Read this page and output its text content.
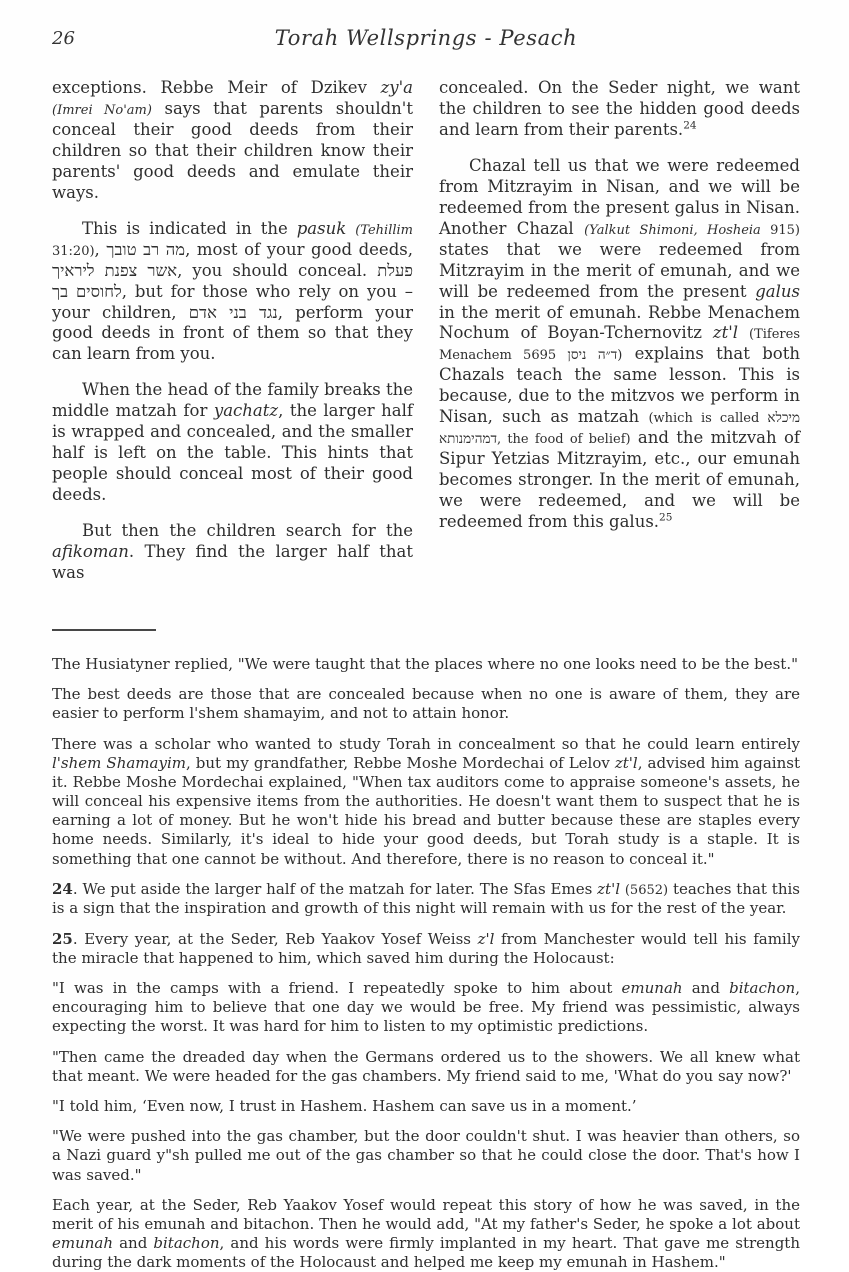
26	Torah Wellsprings - Pesach

exceptions. Rebbe Meir of Dzikev zy'a (Imrei No'am) says that parents shouldn't conceal their good deeds from their children so that their children know their parents' good deeds and emulate their ways.

This is indicated in the pasuk (Tehillim 31:20), מה רב טובך, most of your good deeds, אשר צפנת ליראיך, you should conceal. פעלת לחוסים בך, but for those who rely on you – your children, נגד בני אדם, perform your good deeds in front of them so that they can learn from you.

When the head of the family breaks the middle matzah for yachatz, the larger half is wrapped and concealed, and the smaller half is left on the table. This hints that people should conceal most of their good deeds.

But then the children search for the afikoman. They find the larger half that was

concealed. On the Seder night, we want the children to see the hidden good deeds and learn from their parents.$^{24}$

Chazal tell us that we were redeemed from Mitzrayim in Nisan, and we will be redeemed from the present galus in Nisan. Another Chazal (Yalkut Shimoni, Hosheia 915) states that we were redeemed from Mitzrayim in the merit of emunah, and we will be redeemed from the present galus in the merit of emunah. Rebbe Menachem Nochum of Boyan-Tchernovitz zt'l (Tiferes Menachem 5695 ד״ה ניסן) explains that both Chazals teach the same lesson. This is because, due to the mitzvos we perform in Nisan, such as matzah (which is called מיכלא דמהימנותא, the food of belief) and the mitzvah of Sipur Yetzias Mitzrayim, etc., our emunah becomes stronger. In the merit of emunah, we were redeemed, and we will be redeemed from this galus.$^{25}$

The Husiatyner replied, "We were taught that the places where no one looks need to be the best."

The best deeds are those that are concealed because when no one is aware of them, they are easier to perform l'shem shamayim, and not to attain honor.

There was a scholar who wanted to study Torah in concealment so that he could learn entirely l'shem Shamayim, but my grandfather, Rebbe Moshe Mordechai of Lelov zt'l, advised him against it. Rebbe Moshe Mordechai explained, "When tax auditors come to appraise someone's assets, he will conceal his expensive items from the authorities. He doesn't want them to suspect that he is earning a lot of money. But he won't hide his bread and butter because these are staples every home needs. Similarly, it's ideal to hide your good deeds, but Torah study is a staple. It is something that one cannot be without. And therefore, there is no reason to conceal it."

24. We put aside the larger half of the matzah for later. The Sfas Emes zt'l (5652) teaches that this is a sign that the inspiration and growth of this night will remain with us for the rest of the year.

25. Every year, at the Seder, Reb Yaakov Yosef Weiss z'l from Manchester would tell his family the miracle that happened to him, which saved him during the Holocaust:

"I was in the camps with a friend. I repeatedly spoke to him about emunah and bitachon, encouraging him to believe that one day we would be free. My friend was pessimistic, always expecting the worst. It was hard for him to listen to my optimistic predictions.

"Then came the dreaded day when the Germans ordered us to the showers. We all knew what that meant. We were headed for the gas chambers. My friend said to me, 'What do you say now?'

"I told him, ‘Even now, I trust in Hashem. Hashem can save us in a moment.’

"We were pushed into the gas chamber, but the door couldn't shut. I was heavier than others, so a Nazi guard y"sh pulled me out of the gas chamber so that he could close the door. That's how I was saved."

Each year, at the Seder, Reb Yaakov Yosef would repeat this story of how he was saved, in the merit of his emunah and bitachon. Then he would add, "At my father's Seder, he spoke a lot about emunah and bitachon, and his words were firmly implanted in my heart. That gave me strength during the dark moments of the Holocaust and helped me keep my emunah in Hashem."
